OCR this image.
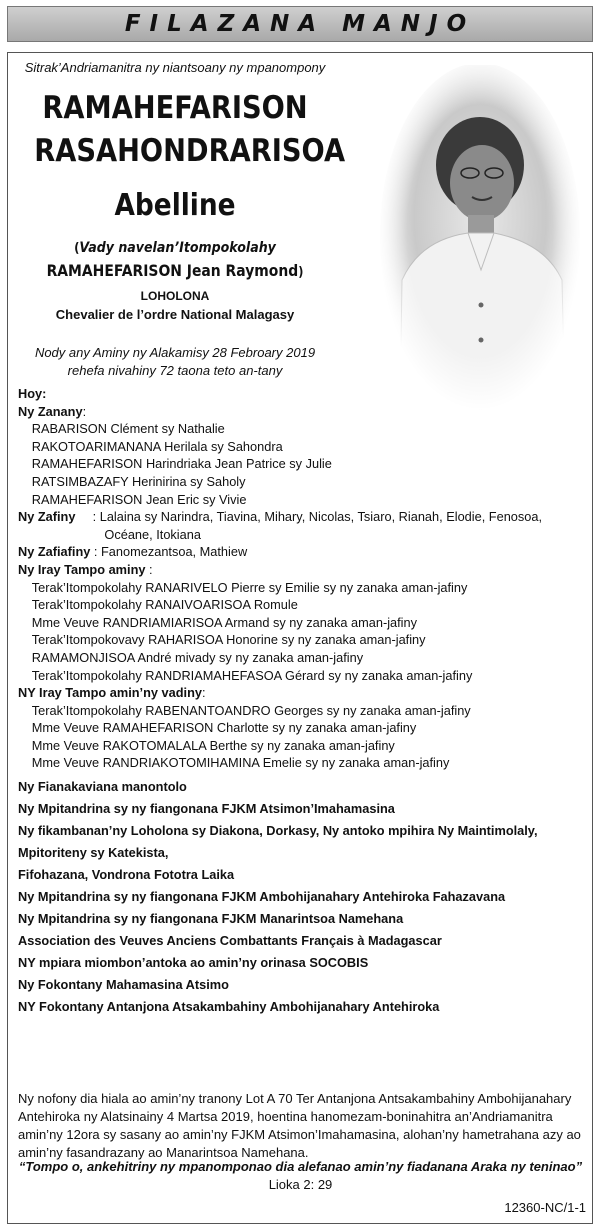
FILAZANA MANJO
Sitrak’Andriamanitra ny niantsoany ny mpanompony
RAMAHEFARISON
RASAHONDRARISOA
Abelline
(Vady navelan’Itompokolahy
RAMAHEFARISON Jean Raymond)
LOHOLONA
Chevalier de l’ordre National Malagasy
Nody any Aminy ny Alakamisy 28 Febroary 2019
rehefa nivahiny 72 taona teto an-tany
Hoy:
Ny Zanany:
RABARISON Clément sy Nathalie
RAKOTOARIMANANA Herilala sy Sahondra
RAMAHEFARISON Harindriaka Jean Patrice sy Julie
RATSIMBAZAFY Herinirina sy Saholy
RAMAHEFARISON Jean Eric sy Vivie
Ny Zafiny : Lalaina sy Narindra, Tiavina, Mihary, Nicolas, Tsiaro, Rianah, Elodie, Fenosoa,
Océane, Itokiana
Ny Zafiafiny : Fanomezantsoa, Mathiew
Ny Iray Tampo aminy :
Terak’Itompokolahy RANARIVELO Pierre sy Emilie sy ny zanaka aman-jafiny
Terak’Itompokolahy RANAIVOARISOA Romule
Mme Veuve RANDRIAMIARISOA Armand sy ny zanaka aman-jafiny
Terak’Itompokovavy RAHARISOA Honorine sy ny zanaka aman-jafiny
RAMAMONJISOA André mivady sy ny zanaka aman-jafiny
Terak’Itompokolahy RANDRIAMAHEFASOA Gérard sy ny zanaka aman-jafiny
NY Iray Tampo amin’ny vadiny:
Terak’Itompokolahy RABENANTOANDRO Georges sy ny zanaka aman-jafiny
Mme Veuve RAMAHEFARISON Charlotte sy ny zanaka aman-jafiny
Mme Veuve RAKOTOMALALA Berthe sy ny zanaka aman-jafiny
Mme Veuve RANDRIAKOTOMIHAMINA Emelie sy ny zanaka aman-jafiny
Ny Fianakaviana manontolo
Ny Mpitandrina sy ny fiangonana FJKM Atsimon’Imahamasina
Ny fikambanan’ny Loholona sy Diakona, Dorkasy, Ny antoko mpihira Ny Maintimolaly,
Mpitoriteny sy Katekista,
Fifohazana, Vondrona Fototra Laika
Ny Mpitandrina sy ny fiangonana FJKM Ambohijanahary Antehiroka Fahazavana
Ny Mpitandrina sy ny fiangonana FJKM Manarintsoa Namehana
Association des Veuves Anciens Combattants Français à Madagascar
NY mpiara miombon’antoka ao amin’ny orinasa SOCOBIS
Ny Fokontany Mahamasina Atsimo
NY Fokontany Antanjona Atsakambahiny Ambohijanahary Antehiroka
Ny nofony dia hiala ao amin’ny tranony Lot A 70 Ter Antanjona Antsakambahiny Ambohijanahary Antehiroka ny Alatsinainy 4 Martsa 2019, hoentina hanomezam-boninahitra an’Andriamanitra amin’ny 12ora sy sasany ao amin’ny FJKM Atsimon’Imahamasina, alohan’ny hametrahana azy ao amin’ny fasandrazany ao Manarintsoa Namehana.
“Tompo o, ankehitriny ny mpanomponao dia alefanao amin’ny fiadanana Araka ny teninao”
Lioka 2: 29
12360-NC/1-1
